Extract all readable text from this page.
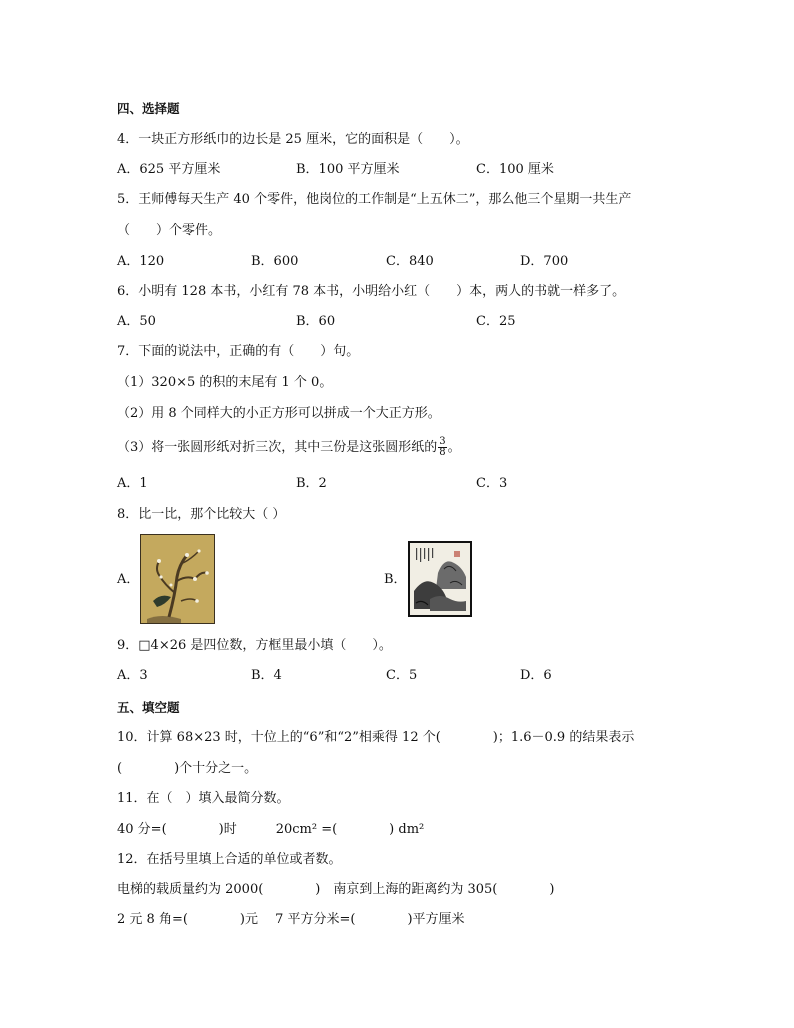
四、选择题
4．一块正方形纸巾的边长是 25 厘米，它的面积是（　　）。
A．625 平方厘米	B．100 平方厘米	C．100 厘米
5．王师傅每天生产 40 个零件，他岗位的工作制是“上五休二”，那么他三个星期一共生产
（　　）个零件。
A．120	B．600	C．840	D．700
6．小明有 128 本书，小红有 78 本书，小明给小红（　　）本，两人的书就一样多了。
A．50	B．60	C．25
7．下面的说法中，正确的有（　　）句。
（1）320×5 的积的末尾有 1 个 0。
（2）用 8 个同样大的小正方形可以拼成一个大正方形。
（3）将一张圆形纸对折三次，其中三份是这张圆形纸的 $\frac{3}{8}$ 。
A．1	B．2	C．3
8．比一比，那个比较大（ ）
A．	B．
9．□4×26 是四位数，方框里最小填（　　）。
A．3	B．4	C．5	D．6
五、填空题
10．计算 68×23 时，十位上的“6”和“2”相乘得 12 个(　　　　)；1.6－0.9 的结果表示
(　　　　)个十分之一。
11．在（　）填入最简分数。
40 分=(　　　　)时　　　20cm² =(　　　　) dm²
12．在括号里填上合适的单位或者数。
电梯的载质量约为 2000(　　　　)　南京到上海的距离约为 305(　　　　)
2 元 8 角=(　　　　)元　 7 平方分米=(　　　　)平方厘米
